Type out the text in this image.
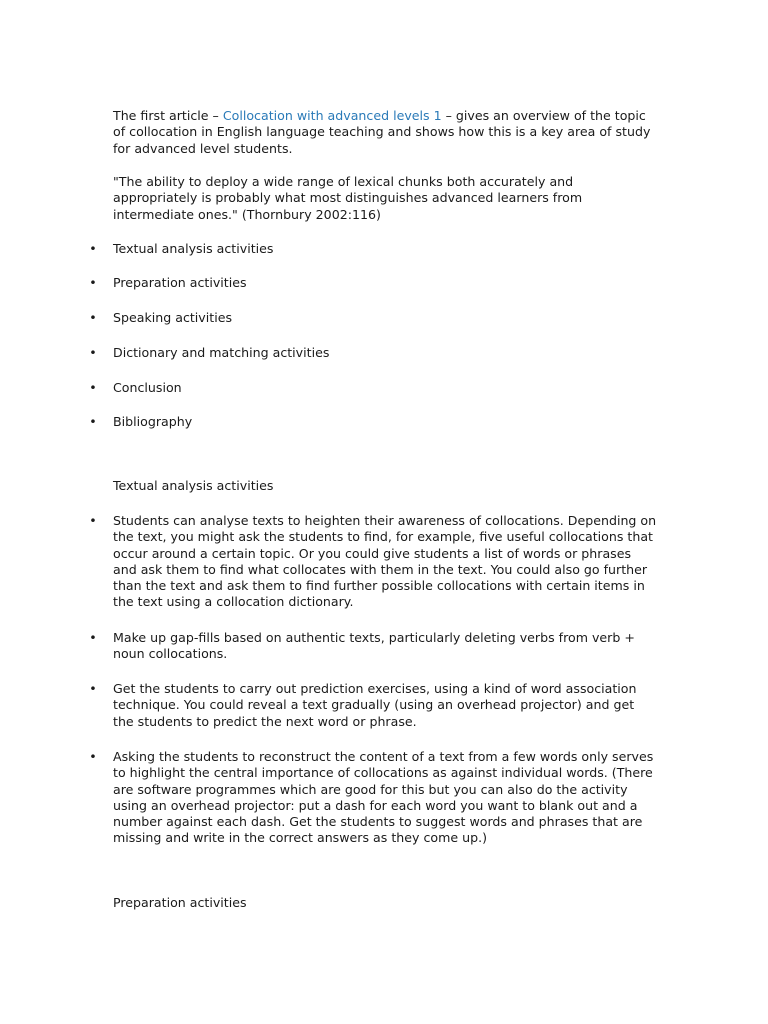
The first article – Collocation with advanced levels 1 – gives an overview of the topic of collocation in English language teaching and shows how this is a key area of study for advanced level students.

"The ability to deploy a wide range of lexical chunks both accurately and appropriately is probably what most distinguishes advanced learners from intermediate ones." (Thornbury 2002:116)

• Textual analysis activities
• Preparation activities
• Speaking activities
• Dictionary and matching activities
• Conclusion
• Bibliography

Textual analysis activities

• Students can analyse texts to heighten their awareness of collocations. Depending on the text, you might ask the students to find, for example, five useful collocations that occur around a certain topic. Or you could give students a list of words or phrases and ask them to find what collocates with them in the text. You could also go further than the text and ask them to find further possible collocations with certain items in the text using a collocation dictionary.
• Make up gap-fills based on authentic texts, particularly deleting verbs from verb + noun collocations.
• Get the students to carry out prediction exercises, using a kind of word association technique. You could reveal a text gradually (using an overhead projector) and get the students to predict the next word or phrase.
• Asking the students to reconstruct the content of a text from a few words only serves to highlight the central importance of collocations as against individual words. (There are software programmes which are good for this but you can also do the activity using an overhead projector: put a dash for each word you want to blank out and a number against each dash. Get the students to suggest words and phrases that are missing and write in the correct answers as they come up.)

Preparation activities
